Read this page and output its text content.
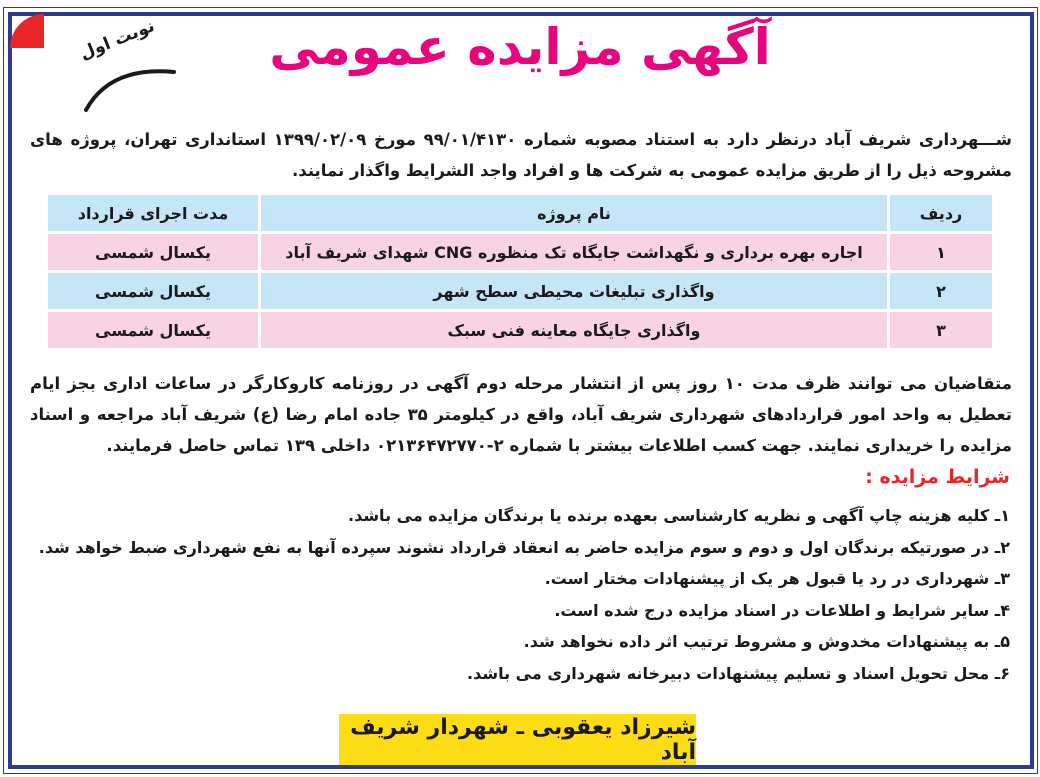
آگهی مزایده عمومی
نوبت اول
شـــهرداری شریف آباد درنظر دارد به استناد مصوبه شماره ۹۹/۰۱/۴۱۳۰ مورخ ۱۳۹۹/۰۲/۰۹ استانداری تهران، پروژه های مشروحه ذیل را از طریق مزایده عمومی به شرکت ها و افراد واجد الشرایط واگذار نمایند.
ردیف	نام پروژه	مدت اجرای قرارداد
۱	اجاره بهره برداری و نگهداشت جایگاه تک منظوره CNG شهدای شریف آباد	یکسال شمسی
۲	واگذاری تبلیغات محیطی سطح شهر	یکسال شمسی
۳	واگذاری جایگاه معاینه فنی سبک	یکسال شمسی
متقاضیان می توانند ظرف مدت ۱۰ روز پس از انتشار مرحله دوم آگهی در روزنامه کاروکارگر در ساعات اداری بجز ایام تعطیل به واحد امور قراردادهای شهرداری شریف آباد، واقع در کیلومتر ۳۵ جاده امام رضا (ع) شریف آباد مراجعه و اسناد مزایده را خریداری نمایند. جهت کسب اطلاعات بیشتر با شماره ۲-۰۲۱۳۶۴۷۲۷۷۰ داخلی ۱۳۹ تماس حاصل فرمایند.
شرایط مزایده :
۱ـ کلیه هزینه چاپ آگهی و نظریه کارشناسی بعهده برنده یا برندگان مزایده می باشد.
۲ـ در صورتیکه برندگان اول و دوم و سوم مزایده حاضر به انعقاد قرارداد نشوند سپرده آنها به نفع شهرداری ضبط خواهد شد.
۳ـ شهرداری در رد یا قبول هر یک از پیشنهادات مختار است.
۴ـ سایر شرایط و اطلاعات در اسناد مزایده درج شده است.
۵ـ به پیشنهادات مخدوش و مشروط ترتیب اثر داده نخواهد شد.
۶ـ محل تحویل اسناد و تسلیم پیشنهادات دبیرخانه شهرداری می باشد.
شیرزاد یعقوبی ـ شهردار شریف آباد
